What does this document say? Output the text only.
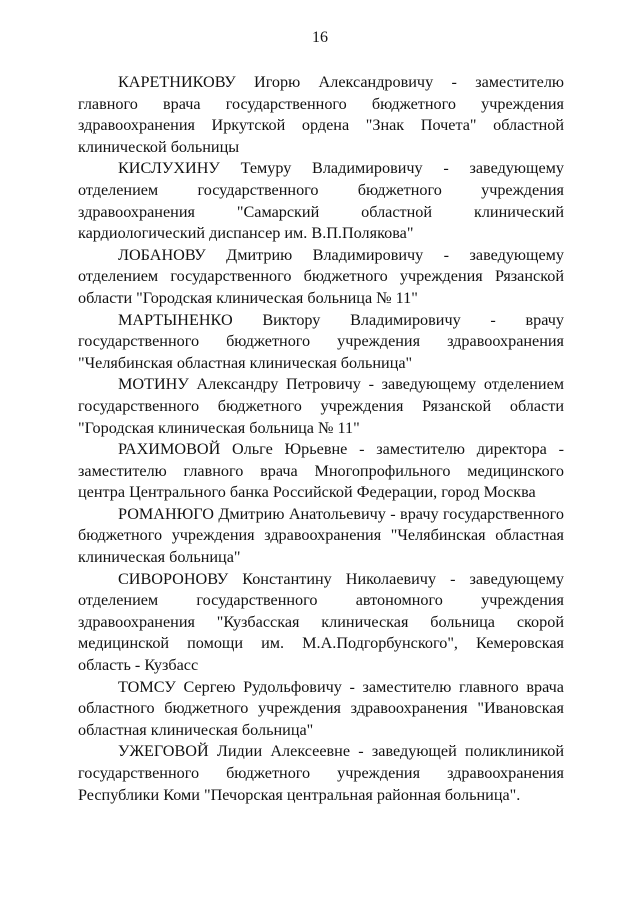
16

КАРЕТНИКОВУ Игорю Александровичу - заместителю главного врача государственного бюджетного учреждения здравоохранения Иркутской ордена "Знак Почета" областной клинической больницы

КИСЛУХИНУ Темуру Владимировичу - заведующему отделением государственного бюджетного учреждения здравоохранения "Самарский областной клинический кардиологический диспансер им. В.П.Полякова"

ЛОБАНОВУ Дмитрию Владимировичу - заведующему отделением государственного бюджетного учреждения Рязанской области "Городская клиническая больница № 11"

МАРТЫНЕНКО Виктору Владимировичу - врачу государственного бюджетного учреждения здравоохранения "Челябинская областная клиническая больница"

МОТИНУ Александру Петровичу - заведующему отделением государственного бюджетного учреждения Рязанской области "Городская клиническая больница № 11"

РАХИМОВОЙ Ольге Юрьевне - заместителю директора - заместителю главного врача Многопрофильного медицинского центра Центрального банка Российской Федерации, город Москва

РОМАНЮГО Дмитрию Анатольевичу - врачу государственного бюджетного учреждения здравоохранения "Челябинская областная клиническая больница"

СИВОРОНОВУ Константину Николаевичу - заведующему отделением государственного автономного учреждения здравоохранения "Кузбасская клиническая больница скорой медицинской помощи им. М.А.Подгорбунского", Кемеровская область - Кузбасс

ТОМСУ Сергею Рудольфовичу - заместителю главного врача областного бюджетного учреждения здравоохранения "Ивановская областная клиническая больница"

УЖЕГОВОЙ Лидии Алексеевне - заведующей поликлиникой государственного бюджетного учреждения здравоохранения Республики Коми "Печорская центральная районная больница".
